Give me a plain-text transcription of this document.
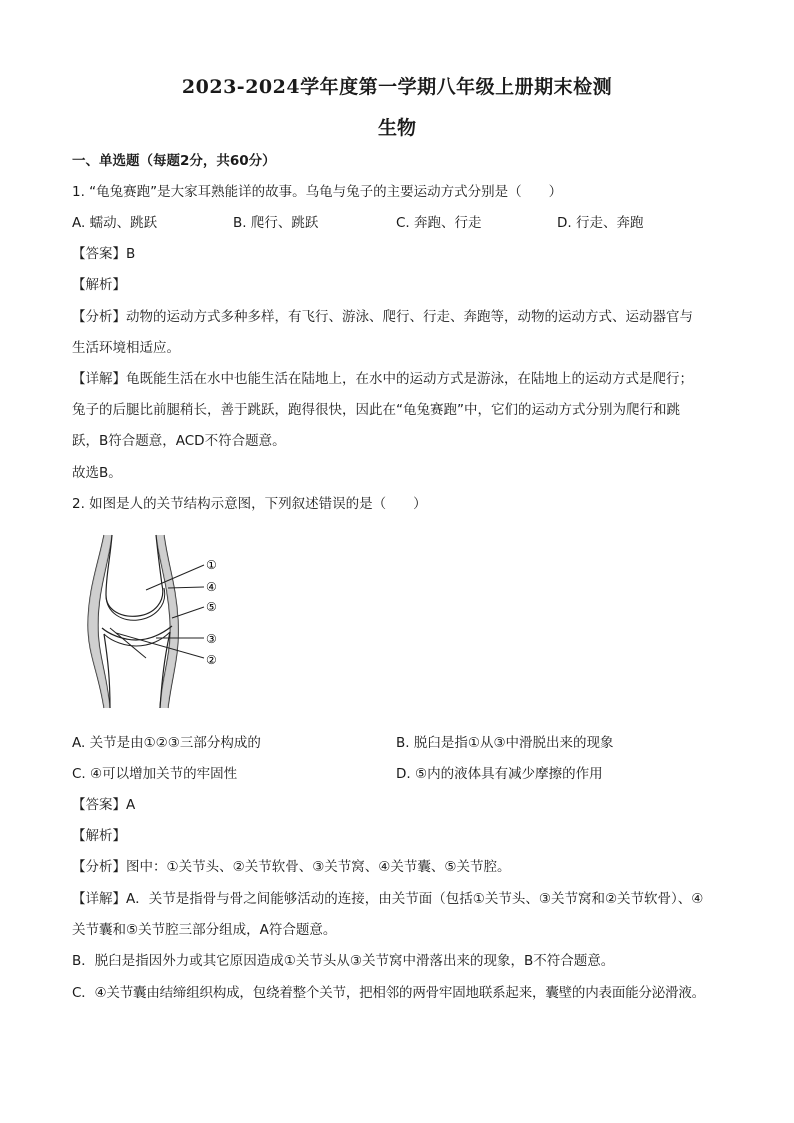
2023-2024学年度第一学期八年级上册期末检测
生物
一、单选题（每题2分，共60分）
1. “龟兔赛跑”是大家耳熟能详的故事。乌龟与兔子的主要运动方式分别是（　　）
A. 蠕动、跳跃	B. 爬行、跳跃	C. 奔跑、行走	D. 行走、奔跑
【答案】B
【解析】
【分析】动物的运动方式多种多样，有飞行、游泳、爬行、行走、奔跑等，动物的运动方式、运动器官与
生活环境相适应。
【详解】龟既能生活在水中也能生活在陆地上，在水中的运动方式是游泳，在陆地上的运动方式是爬行；
兔子的后腿比前腿稍长，善于跳跃，跑得很快，因此在“龟兔赛跑”中，它们的运动方式分别为爬行和跳
跃，B符合题意，ACD不符合题意。
故选B。
2. 如图是人的关节结构示意图，下列叙述错误的是（　　）
①
④
⑤
③
②
A. 关节是由①②③三部分构成的	B. 脱臼是指①从③中滑脱出来的现象
C. ④可以增加关节的牢固性	D. ⑤内的液体具有减少摩擦的作用
【答案】A
【解析】
【分析】图中：①关节头、②关节软骨、③关节窝、④关节囊、⑤关节腔。
【详解】A．关节是指骨与骨之间能够活动的连接，由关节面（包括①关节头、③关节窝和②关节软骨）、④
关节囊和⑤关节腔三部分组成，A符合题意。
B．脱臼是指因外力或其它原因造成①关节头从③关节窝中滑落出来的现象，B不符合题意。
C．④关节囊由结缔组织构成，包绕着整个关节，把相邻的两骨牢固地联系起来，囊壁的内表面能分泌滑液。
